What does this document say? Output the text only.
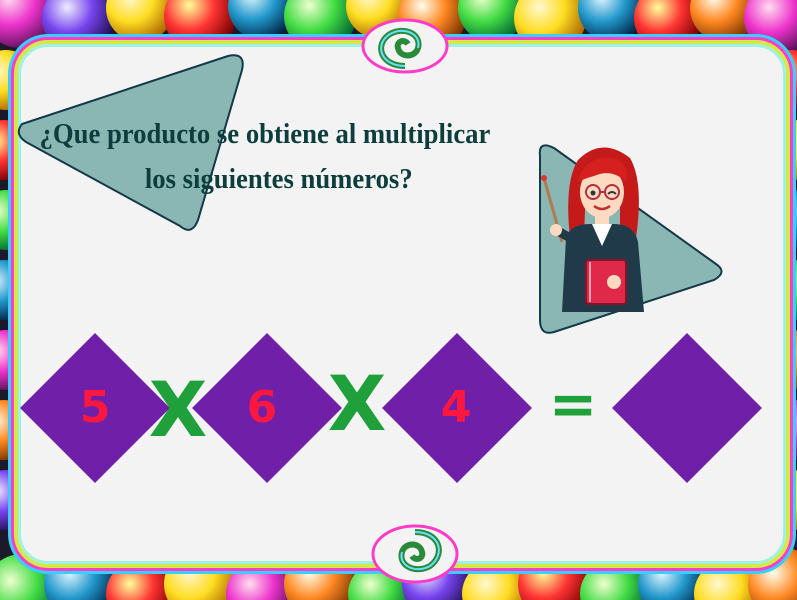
¿Que producto se obtiene al multiplicar
los siguientes números?
5	6	4
X X	=
